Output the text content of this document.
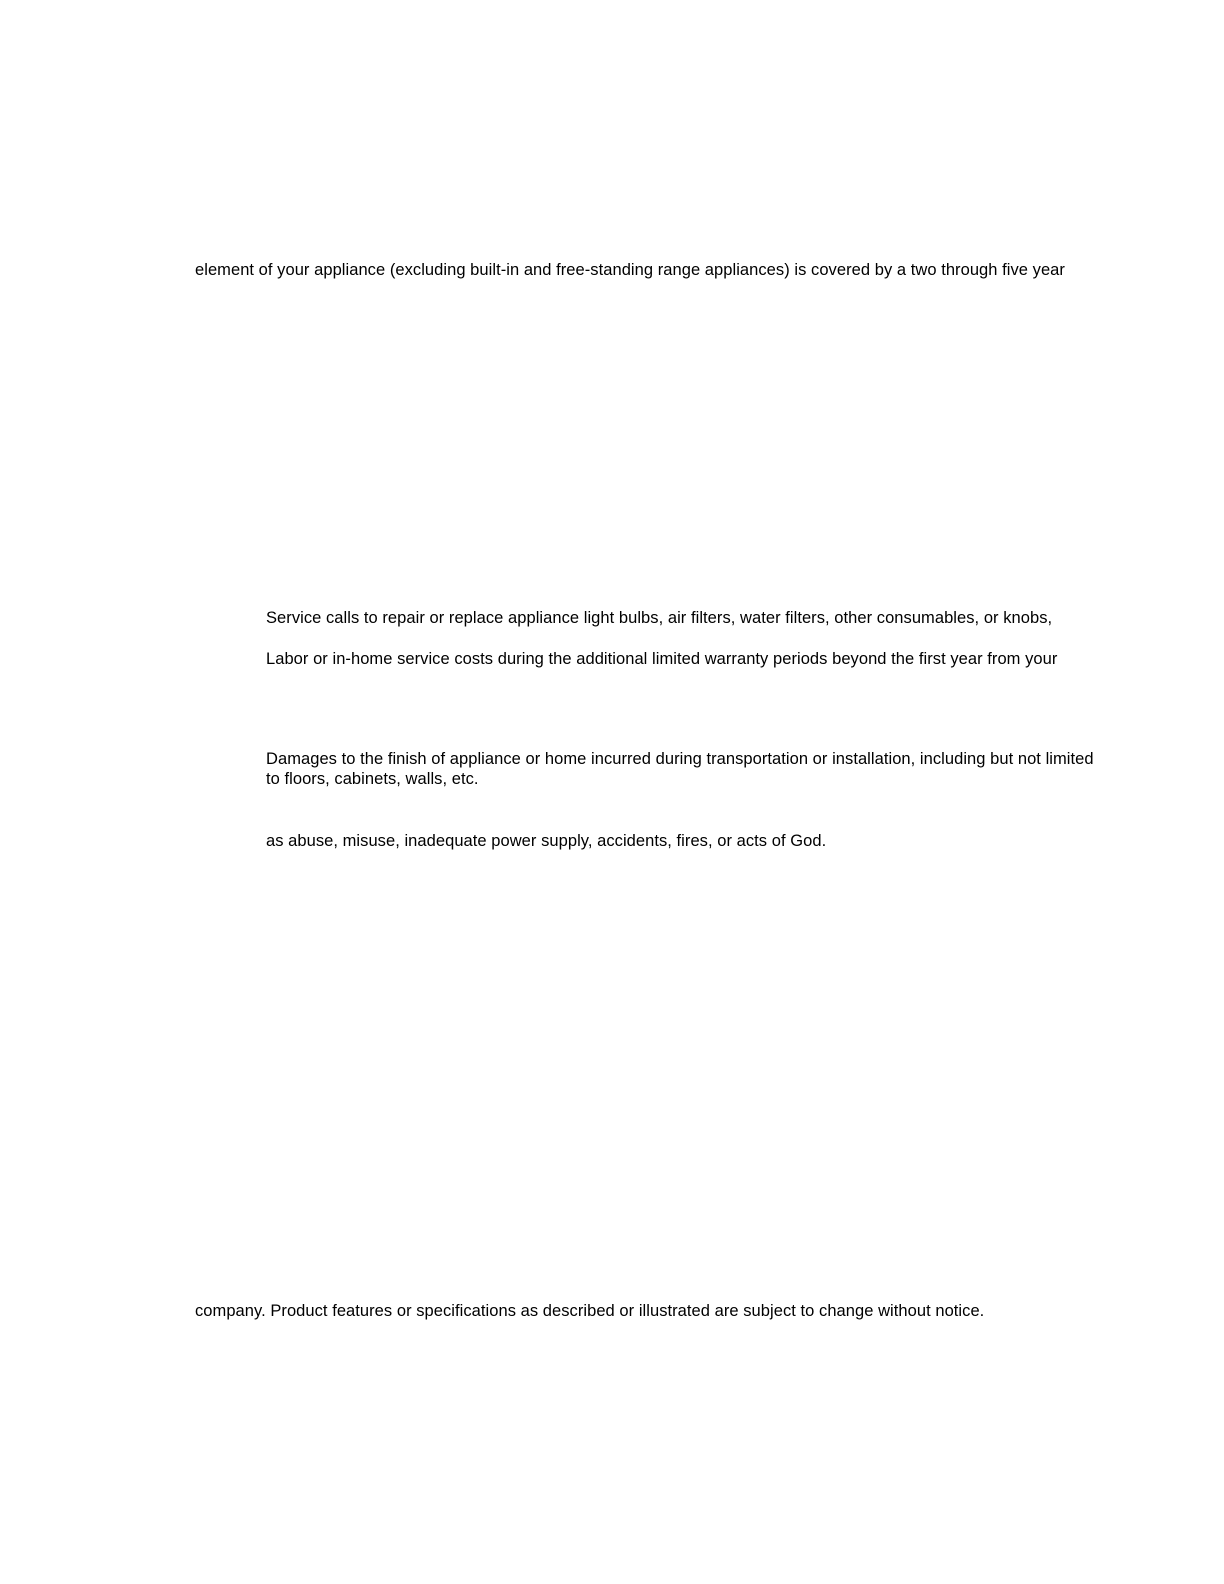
element of your appliance (excluding built-in and free-standing range appliances) is covered by a two through five year
Service calls to repair or replace appliance light bulbs, air filters, water filters, other consumables, or knobs,
Labor or in-home service costs during the additional limited warranty periods beyond the first year from your
Damages to the finish of appliance or home incurred during transportation or installation, including but not limited to floors, cabinets, walls, etc.
as abuse, misuse, inadequate power supply, accidents, fires, or acts of God.
company. Product features or specifications as described or illustrated are subject to change without notice.
